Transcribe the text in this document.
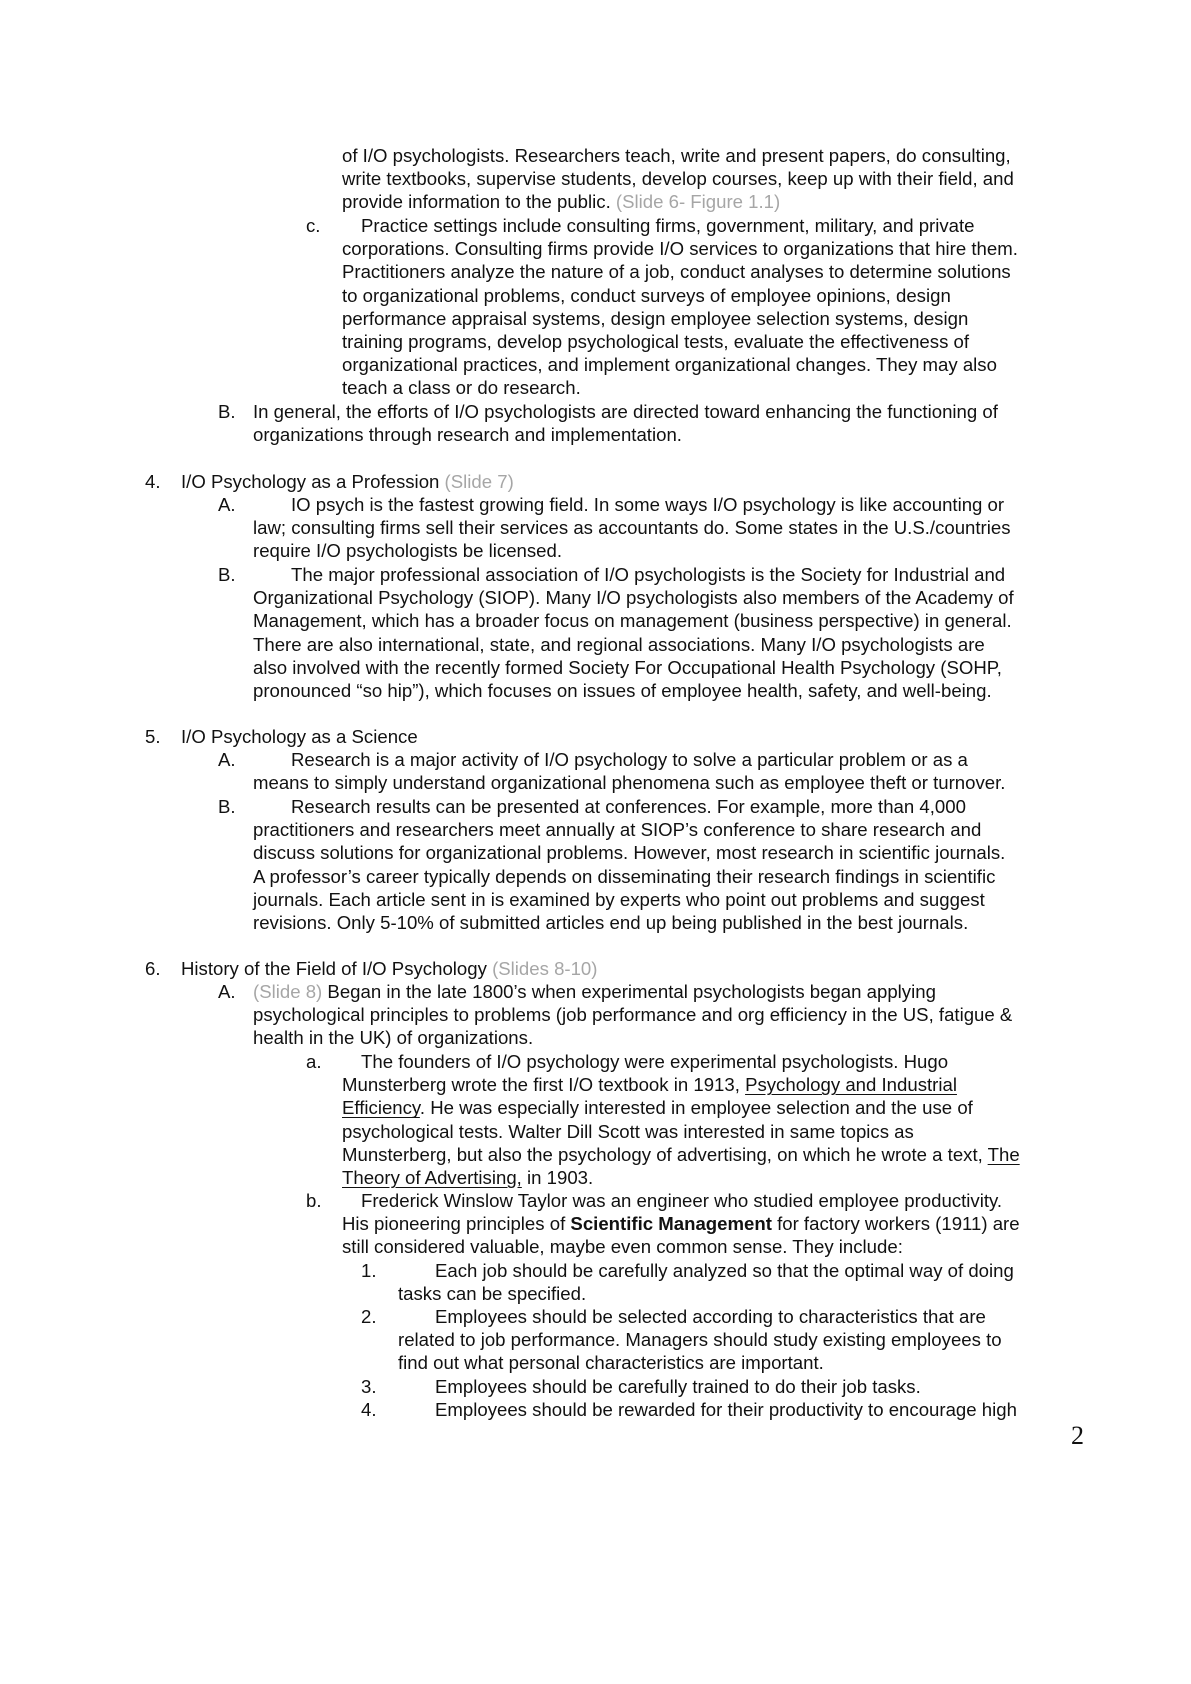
of I/O psychologists. Researchers teach, write and present papers, do consulting,
write textbooks, supervise students, develop courses, keep up with their field, and
provide information to the public. (Slide 6- Figure 1.1)
c.	Practice settings include consulting firms, government, military, and private
corporations. Consulting firms provide I/O services to organizations that hire them.
Practitioners analyze the nature of a job, conduct analyses to determine solutions
to organizational problems, conduct surveys of employee opinions, design
performance appraisal systems, design employee selection systems, design
training programs, develop psychological tests, evaluate the effectiveness of
organizational practices, and implement organizational changes. They may also
teach a class or do research.
B. In general, the efforts of I/O psychologists are directed toward enhancing the functioning of
organizations through research and implementation.
4. I/O Psychology as a Profession (Slide 7)
A.	IO psych is the fastest growing field. In some ways I/O psychology is like accounting or
law; consulting firms sell their services as accountants do. Some states in the U.S./countries
require I/O psychologists be licensed.
B.	The major professional association of I/O psychologists is the Society for Industrial and
Organizational Psychology (SIOP). Many I/O psychologists also members of the Academy of
Management, which has a broader focus on management (business perspective) in general.
There are also international, state, and regional associations. Many I/O psychologists are
also involved with the recently formed Society For Occupational Health Psychology (SOHP,
pronounced “so hip”), which focuses on issues of employee health, safety, and well-being.
5. I/O Psychology as a Science
A.	Research is a major activity of I/O psychology to solve a particular problem or as a
means to simply understand organizational phenomena such as employee theft or turnover.
B.	Research results can be presented at conferences. For example, more than 4,000
practitioners and researchers meet annually at SIOP’s conference to share research and
discuss solutions for organizational problems. However, most research in scientific journals.
A professor’s career typically depends on disseminating their research findings in scientific
journals. Each article sent in is examined by experts who point out problems and suggest
revisions. Only 5-10% of submitted articles end up being published in the best journals.
6. History of the Field of I/O Psychology (Slides 8-10)
A. (Slide 8) Began in the late 1800’s when experimental psychologists began applying
psychological principles to problems (job performance and org efficiency in the US, fatigue &
health in the UK) of organizations.
a.	The founders of I/O psychology were experimental psychologists. Hugo
Munsterberg wrote the first I/O textbook in 1913, Psychology and Industrial
Efficiency. He was especially interested in employee selection and the use of
psychological tests. Walter Dill Scott was interested in same topics as
Munsterberg, but also the psychology of advertising, on which he wrote a text, The
Theory of Advertising, in 1903.
b.	Frederick Winslow Taylor was an engineer who studied employee productivity.
His pioneering principles of Scientific Management for factory workers (1911) are
still considered valuable, maybe even common sense. They include:
1.	Each job should be carefully analyzed so that the optimal way of doing
tasks can be specified.
2.	Employees should be selected according to characteristics that are
related to job performance. Managers should study existing employees to
find out what personal characteristics are important.
3.	Employees should be carefully trained to do their job tasks.
4.	Employees should be rewarded for their productivity to encourage high
2
